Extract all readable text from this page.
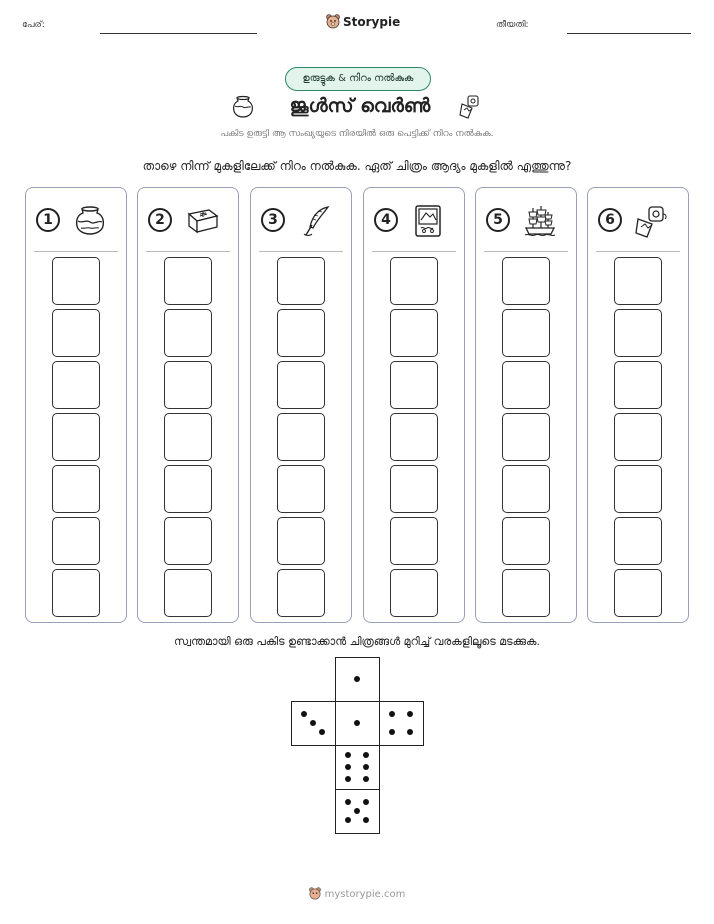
പേര്:	Storypie	തീയതി:
ഉരുട്ടുക & നിറം നൽകുക
ജൂൾസ് വെർൺ
പകിട ഉരുട്ടി ആ സംഖ്യയുടെ നിരയിൽ ഒരു പെട്ടിക്ക് നിറം നൽകുക.
താഴെ നിന്ന് മുകളിലേക്ക് നിറം നൽകുക. ഏത് ചിത്രം ആദ്യം മുകളിൽ എത്തുന്നു?
1	2	3	4	5	6
സ്വന്തമായി ഒരു പകിട ഉണ്ടാക്കാൻ ചിത്രങ്ങൾ മുറിച്ച് വരകളിലൂടെ മടക്കുക.
mystorypie.com
